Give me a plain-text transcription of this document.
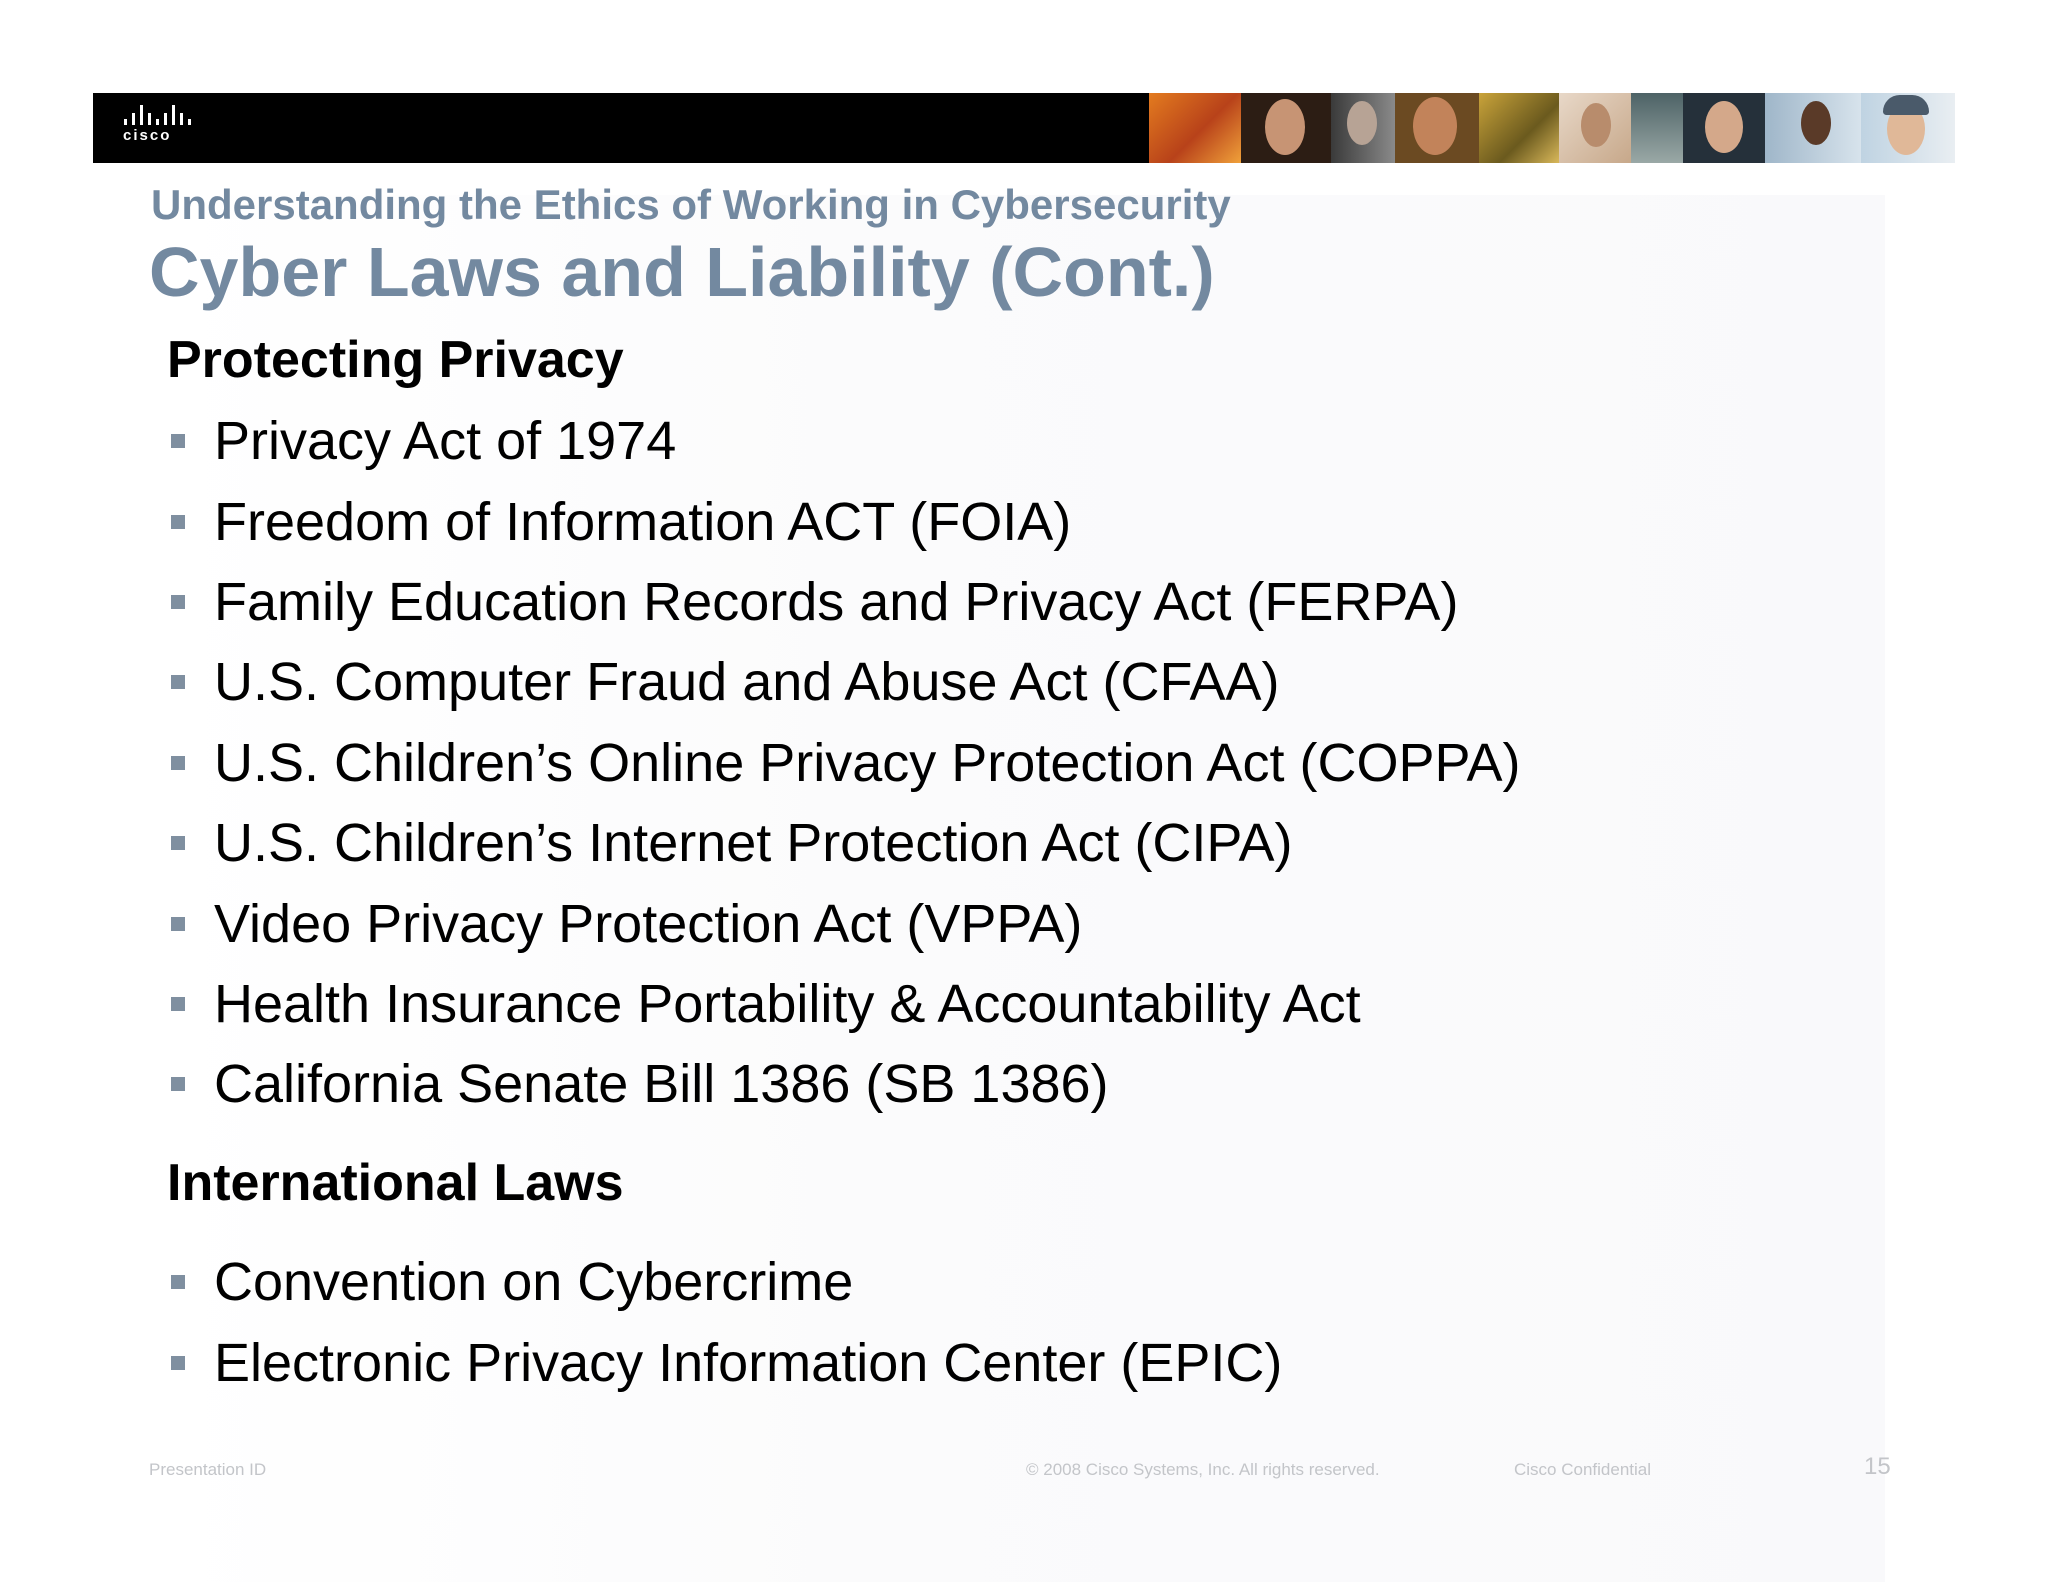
cisco
Understanding the Ethics of Working in Cybersecurity
Cyber Laws and Liability (Cont.)
Protecting Privacy
Privacy Act of 1974
Freedom of Information ACT (FOIA)
Family Education Records and Privacy Act (FERPA)
U.S. Computer Fraud and Abuse Act (CFAA)
U.S. Children’s Online Privacy Protection Act (COPPA)
U.S. Children’s Internet Protection Act (CIPA)
Video Privacy Protection Act (VPPA)
Health Insurance Portability & Accountability Act
California Senate Bill 1386 (SB 1386)
International Laws
Convention on Cybercrime
Electronic Privacy Information Center (EPIC)
Presentation ID	© 2008 Cisco Systems, Inc. All rights reserved.	Cisco Confidential	15
